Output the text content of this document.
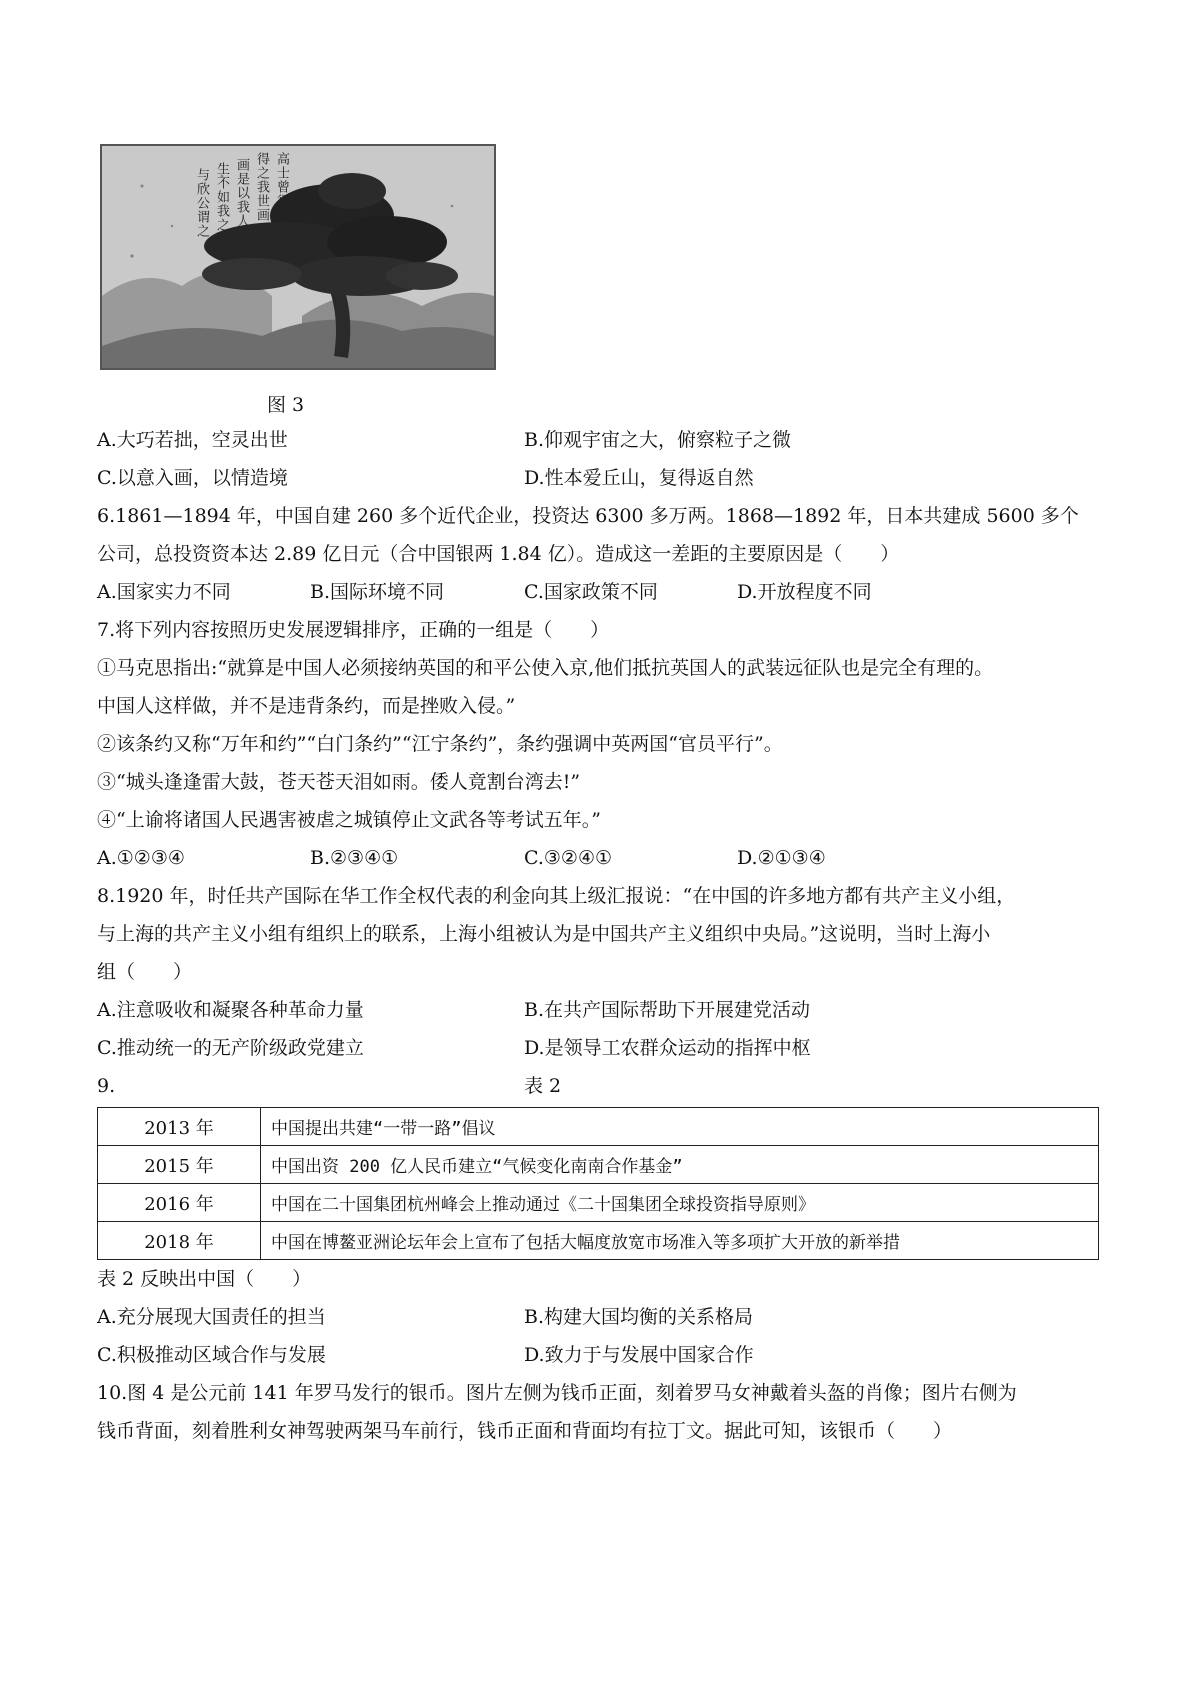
高士曾得我
得之我世画
画是以我人
生不如我之
与欣公谓之
图 3
A.大巧若拙，空灵出世	B.仰观宇宙之大，俯察粒子之微
C.以意入画，以情造境	D.性本爱丘山，复得返自然
6.1861—1894 年，中国自建 260 多个近代企业，投资达 6300 多万两。1868—1892 年，日本共建成 5600 多个
公司，总投资资本达 2.89 亿日元（合中国银两 1.84 亿）。造成这一差距的主要原因是（　　）
A.国家实力不同	B.国际环境不同	C.国家政策不同	D.开放程度不同
7.将下列内容按照历史发展逻辑排序，正确的一组是（　　）
①马克思指出:“就算是中国人必须接纳英国的和平公使入京,他们抵抗英国人的武装远征队也是完全有理的。
中国人这样做，并不是违背条约，而是挫败入侵。”
②该条约又称“万年和约”“白门条约”“江宁条约”，条约强调中英两国“官员平行”。
③“城头逢逢雷大鼓，苍天苍天泪如雨。倭人竟割台湾去!”
④“上谕将诸国人民遇害被虐之城镇停止文武各等考试五年。”
A.①②③④	B.②③④①	C.③②④①	D.②①③④
8.1920 年，时任共产国际在华工作全权代表的利金向其上级汇报说：“在中国的许多地方都有共产主义小组，
与上海的共产主义小组有组织上的联系，上海小组被认为是中国共产主义组织中央局。”这说明，当时上海小
组（　　）
A.注意吸收和凝聚各种革命力量	B.在共产国际帮助下开展建党活动
C.推动统一的无产阶级政党建立	D.是领导工农群众运动的指挥中枢
9.	表 2
2013 年	中国提出共建“一带一路”倡议
2015 年	中国出资 200 亿人民币建立“气候变化南南合作基金”
2016 年	中国在二十国集团杭州峰会上推动通过《二十国集团全球投资指导原则》
2018 年	中国在博鳌亚洲论坛年会上宣布了包括大幅度放宽市场准入等多项扩大开放的新举措
表 2 反映出中国（　　）
A.充分展现大国责任的担当	B.构建大国均衡的关系格局
C.积极推动区域合作与发展	D.致力于与发展中国家合作
10.图 4 是公元前 141 年罗马发行的银币。图片左侧为钱币正面，刻着罗马女神戴着头盔的肖像；图片右侧为
钱币背面，刻着胜利女神驾驶两架马车前行，钱币正面和背面均有拉丁文。据此可知，该银币（　　）
